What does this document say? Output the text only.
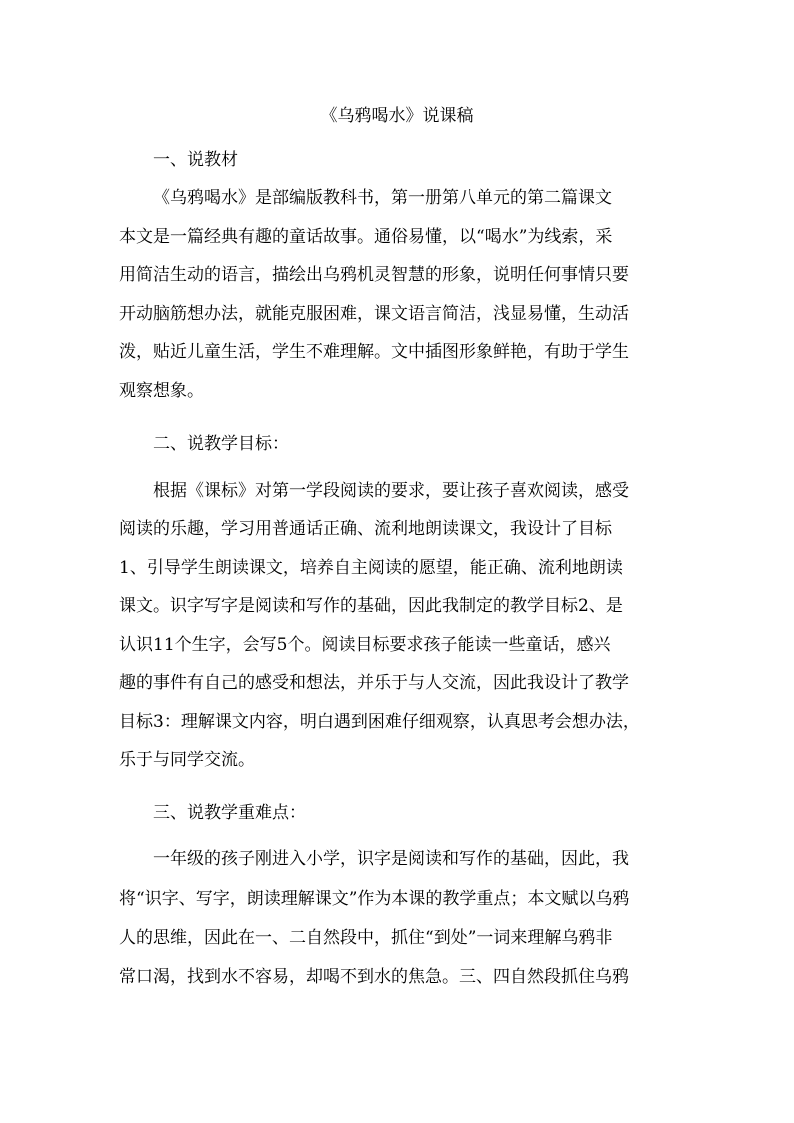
《乌鸦喝水》说课稿
一、说教材
《乌鸦喝水》是部编版教科书，第一册第八单元的第二篇课文
本文是一篇经典有趣的童话故事。通俗易懂，以“喝水”为线索，采
用简洁生动的语言，描绘出乌鸦机灵智慧的形象，说明任何事情只要
开动脑筋想办法，就能克服困难，课文语言简洁，浅显易懂，生动活
泼，贴近儿童生活，学生不难理解。文中插图形象鲜艳，有助于学生
观察想象。
二、说教学目标：
根据《课标》对第一学段阅读的要求，要让孩子喜欢阅读，感受
阅读的乐趣，学习用普通话正确、流利地朗读课文，我设计了目标
1、引导学生朗读课文，培养自主阅读的愿望，能正确、流利地朗读
课文。识字写字是阅读和写作的基础，因此我制定的教学目标2、是
认识11个生字，会写5个。阅读目标要求孩子能读一些童话，感兴
趣的事件有自己的感受和想法，并乐于与人交流，因此我设计了教学
目标3：理解课文内容，明白遇到困难仔细观察，认真思考会想办法，
乐于与同学交流。
三、说教学重难点：
一年级的孩子刚进入小学，识字是阅读和写作的基础，因此，我
将“识字、写字，朗读理解课文”作为本课的教学重点；本文赋以乌鸦
人的思维，因此在一、二自然段中，抓住“到处”一词来理解乌鸦非
常口渴，找到水不容易，却喝不到水的焦急。三、四自然段抓住乌鸦
